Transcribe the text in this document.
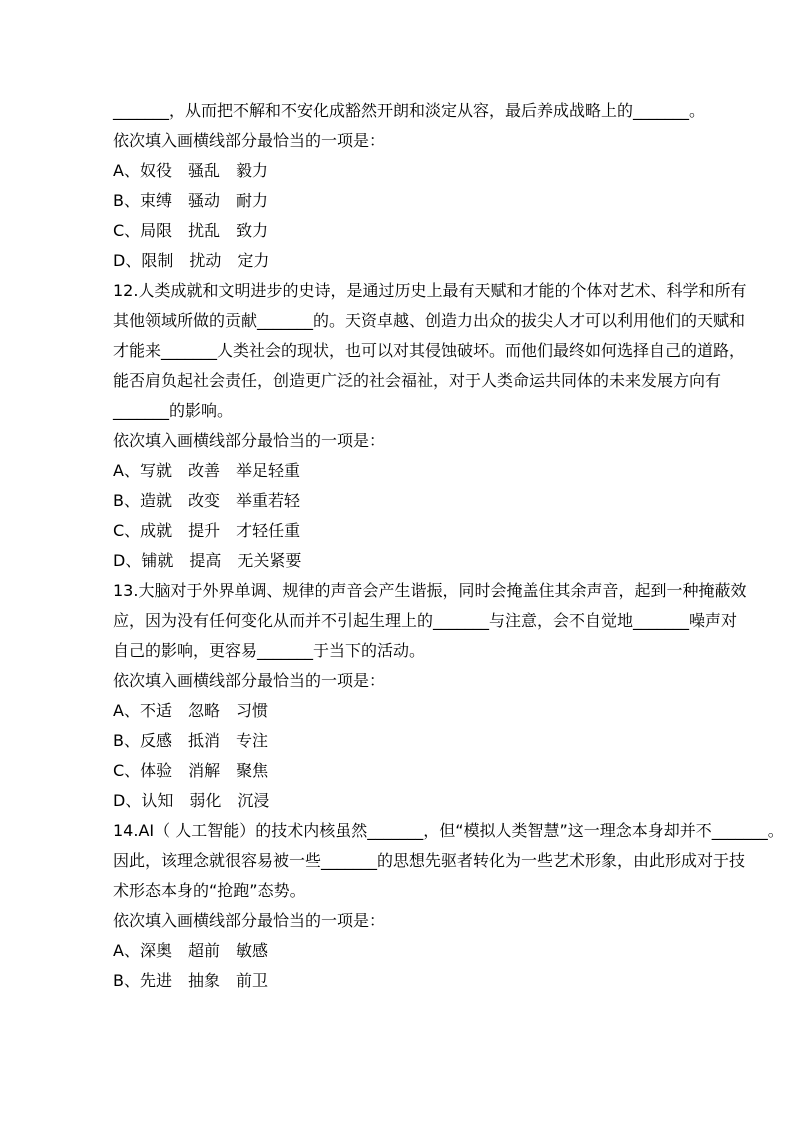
_______，从而把不解和不安化成豁然开朗和淡定从容，最后养成战略上的_______。
依次填入画横线部分最恰当的一项是：
A、奴役　骚乱　毅力
B、束缚　骚动　耐力
C、局限　扰乱　致力
D、限制　扰动　定力
12.人类成就和文明进步的史诗，是通过历史上最有天赋和才能的个体对艺术、科学和所有
其他领域所做的贡献_______的。天资卓越、创造力出众的拔尖人才可以利用他们的天赋和
才能来_______人类社会的现状，也可以对其侵蚀破坏。而他们最终如何选择自己的道路，
能否肩负起社会责任，创造更广泛的社会福祉，对于人类命运共同体的未来发展方向有
_______的影响。
依次填入画横线部分最恰当的一项是：
A、写就　改善　举足轻重
B、造就　改变　举重若轻
C、成就　提升　才轻任重
D、铺就　提高　无关紧要
13.大脑对于外界单调、规律的声音会产生谐振，同时会掩盖住其余声音，起到一种掩蔽效
应，因为没有任何变化从而并不引起生理上的_______与注意，会不自觉地_______噪声对
自己的影响，更容易_______于当下的活动。
依次填入画横线部分最恰当的一项是：
A、不适　忽略　习惯
B、反感　抵消　专注
C、体验　消解　聚焦
D、认知　弱化　沉浸
14.AI（ 人工智能）的技术内核虽然_______，但“模拟人类智慧”这一理念本身却并不_______。
因此，该理念就很容易被一些_______的思想先驱者转化为一些艺术形象，由此形成对于技
术形态本身的“抢跑”态势。
依次填入画横线部分最恰当的一项是：
A、深奥　超前　敏感
B、先进　抽象　前卫
